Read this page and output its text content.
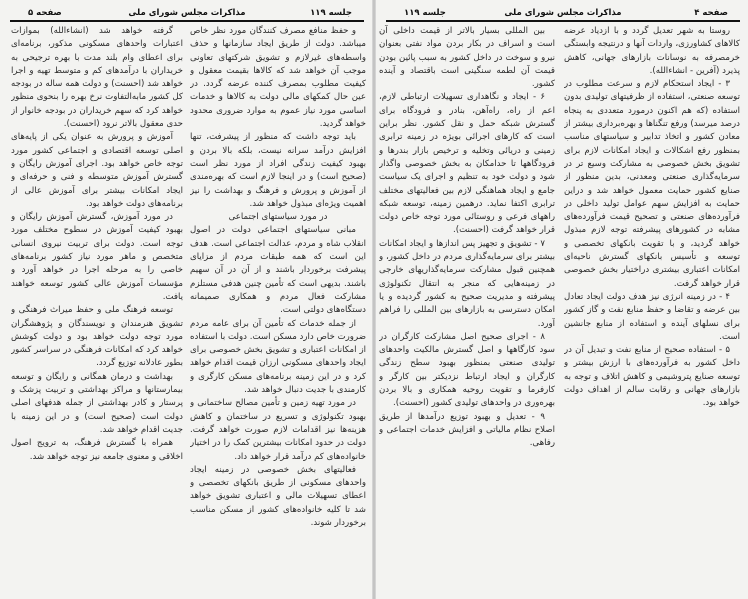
صفحه ۵	مذاکرات مجلس شورای ملی	جلسه ۱۱۹

و حفظ منافع مصرف کنندگان مورد نظر خاص میباشد. دولت از طریق ایجاد سازمانها و حذف واسطه‌های غیرلازم و تشویق شرکتهای تعاونی موجب آن خواهد شد که کالاها بقیمت معقول و کیفیت مطلوب بمصرف کننده عرضه گردد. در عین حال کمکهای مالی دولت به کالاها و خدمات اساسی مورد نیاز عموم به موارد ضروری محدود خواهد گردید.

باید توجه داشت که منظور از پیشرفت، تنها افزایش درآمد سرانه نیست، بلکه بالا بردن و بهبود کیفیت زندگی افراد از مورد نظر است (صحیح است) و در اینجا لازم است که بهره‌مندی از آموزش و پرورش و فرهنگ و بهداشت را نیز اهمیت ویژه‌ای مبذول خواهد شد.

در مورد سیاستهای اجتماعی

مبانی سیاستهای اجتماعی دولت در اصول انقلاب شاه و مردم، عدالت اجتماعی است. هدف این است که همه طبقات مردم از مزایای پیشرفت برخوردار باشند و از آن در آن سهیم باشند. بدیهی است که تأمین چنین هدفی مستلزم مشارکت فعال مردم و همکاری صمیمانه دستگاه‌های دولتی است.

از جمله خدمات که تأمین آن برای عامه مردم ضرورت خاص دارد مسکن است. دولت با استفاده از امکانات اعتباری و تشویق بخش خصوصی برای ایجاد واحدهای مسکونی ارزان قیمت اقدام خواهد کرد و در این زمینه برنامه‌های مسکن کارگری و کارمندی با جدیت دنبال خواهد شد.

در مورد تهیه زمین و تأمین مصالح ساختمانی و بهبود تکنولوژی و تسریع در ساختمان و کاهش هزینه‌ها نیز اقدامات لازم صورت خواهد گرفت. دولت در حدود امکانات بیشترین کمک را در اختیار خانواده‌های کم درآمد قرار خواهد داد.

فعالیتهای بخش خصوصی در زمینه ایجاد واحدهای مسکونی از طریق بانکهای تخصصی و اعطای تسهیلات مالی و اعتباری تشویق خواهد شد تا کلیه خانواده‌های کشور از مسکن مناسب برخوردار شوند.

گرفته خواهد شد (انشاءالله) بموازات اعتبارات واحدهای مسکونی مذکور، برنامه‌ای برای اعطای وام بلند مدت با بهره ترجیحی به خریداران با درآمدهای کم و متوسط تهیه و اجرا خواهد شد (احسنت) و دولت همه ساله در بودجه کل کشور مابه‌التفاوت نرخ بهره را بنحوی منظور خواهد کرد که سهم خریداران در بودجه خانوار از حدی معقول بالاتر نرود (احسنت).

آموزش و پرورش به عنوان یکی از پایه‌های اصلی توسعه اقتصادی و اجتماعی کشور مورد توجه خاص خواهد بود. اجرای آموزش رایگان و گسترش آموزش متوسطه و فنی و حرفه‌ای و ایجاد امکانات بیشتر برای آموزش عالی از برنامه‌های دولت خواهد بود.

در مورد آموزش، گسترش آموزش رایگان و بهبود کیفیت آموزش در سطوح مختلف مورد توجه است. دولت برای تربیت نیروی انسانی متخصص و ماهر مورد نیاز کشور برنامه‌های خاصی را به مرحله اجرا در خواهد آورد و مؤسسات آموزش عالی کشور توسعه خواهند یافت.

توسعه فرهنگ ملی و حفظ میراث فرهنگی و تشویق هنرمندان و نویسندگان و پژوهشگران مورد توجه دولت خواهد بود و دولت کوشش خواهد کرد که امکانات فرهنگی در سراسر کشور بطور عادلانه توزیع گردد.

بهداشت و درمان همگانی و رایگان و توسعه بیمارستانها و مراکز بهداشتی و تربیت پزشک و پرستار و کادر بهداشتی از جمله هدفهای اصلی دولت است (صحیح است) و در این زمینه با جدیت اقدام خواهد شد.

همراه با گسترش فرهنگ، به ترویج اصول اخلاقی و معنوی جامعه نیز توجه خواهد شد.

جلسه ۱۱۹	مذاکرات مجلس شورای ملی	صفحه ۴

روستا به شهر تعدیل گردد و با ازدیاد عرضه کالاهای کشاورزی، واردات آنها و درنتیجه وابستگی خرمصرفه به نوسانات بازارهای جهانی، کاهش پذیرد (آفرین - انشاءالله).

۳ - ایجاد استحکام لازم و سرعت مطلوب در توسعه صنعتی، استفاده از ظرفیتهای تولیدی بدون استفاده (که هم اکنون درمورد متعددی به پنجاه درصد میرسد) ورفع تنگناها و بهره‌برداری بیشتر از معادن کشور و اتخاذ تدابیر و سیاستهای مناسب بمنظور رفع اشکالات و ایجاد امکانات لازم برای تشویق بخش خصوصی به مشارکت وسیع تر در سرمایه‌گذاری صنعتی ومعدنی، بدین منظور از صنایع کشور حمایت معمول خواهد شد و دراین حمایت به افزایش سهم عوامل تولید داخلی در فرآورده‌های صنعتی و تصحیح قیمت فرآورده‌های مشابه در کشورهای پیشرفته توجه لازم مبذول خواهد گردید، و با تقویت بانکهای تخصصی و توسعه و تأسیس بانکهای گسترش ناحیه‌ای امکانات اعتباری بیشتری دراختیار بخش خصوصی قرار خواهد گرفت.

۴ - در زمینه انرژی نیز هدف دولت ایجاد تعادل بین عرضه و تقاضا و حفظ منابع نفت و گاز کشور برای نسلهای آینده و استفاده از منابع جانشین است.

۵ - استفاده صحیح از منابع نفت و تبدیل آن در داخل کشور به فرآورده‌های با ارزش بیشتر و توسعه صنایع پتروشیمی و کاهش اتلاف و توجه به بازارهای جهانی و رقابت سالم از اهداف دولت خواهد بود.

بین المللی بسیار بالاتر از قیمت داخلی آن است و اسراف در بکار بردن مواد نفتی بعنوان نیرو و سوخت در داخل کشور به سبب پائین بودن قیمت آن لطمه سنگینی است باقتصاد و آینده کشور.

۶ - ایجاد و نگاهداری تسهیلات ارتباطی لازم، اعم از راه، راه‌آهن، بنادر و فرودگاه برای گسترش شبکه حمل و نقل کشور. نظر براین است که کارهای اجرائی بویژه در زمینه ترابری زمینی و دریائی وتخلیه و ترخیص بازار بندرها و فرودگاهها تا حدامکان به بخش خصوصی واگذار شود و دولت خود به تنظیم و اجرای یک سیاست جامع و ایجاد هماهنگی لازم بین فعالیتهای مختلف ترابری اکتفا نماید. درهمین زمینه، توسعه شبکه راههای فرعی و روستائی مورد توجه خاص دولت قرار خواهد گرفت (احسنت).

۷ - تشویق و تجهیز پس اندازها و ایجاد امکانات بیشتر برای سرمایه‌گذاری مردم در داخل کشور، و همچنین قبول مشارکت سرمایه‌گذاریهای خارجی در زمینه‌هایی که منجر به انتقال تکنولوژی پیشرفته و مدیریت صحیح به کشور گردیده و یا امکان دسترسی به بازارهای بین المللی را فراهم آورد.

۸ - اجرای صحیح اصل مشارکت کارگران در سود کارگاهها و اصل گسترش مالکیت واحدهای تولیدی صنعتی بمنظور بهبود سطح زندگی کارگران و ایجاد ارتباط نزدیکتر بین کارگر و کارفرما و تقویت روحیه همکاری و بالا بردن بهره‌وری در واحدهای تولیدی کشور (احسنت).

۹ - تعدیل و بهبود توزیع درآمدها از طریق اصلاح نظام مالیاتی و افزایش خدمات اجتماعی و رفاهی.
